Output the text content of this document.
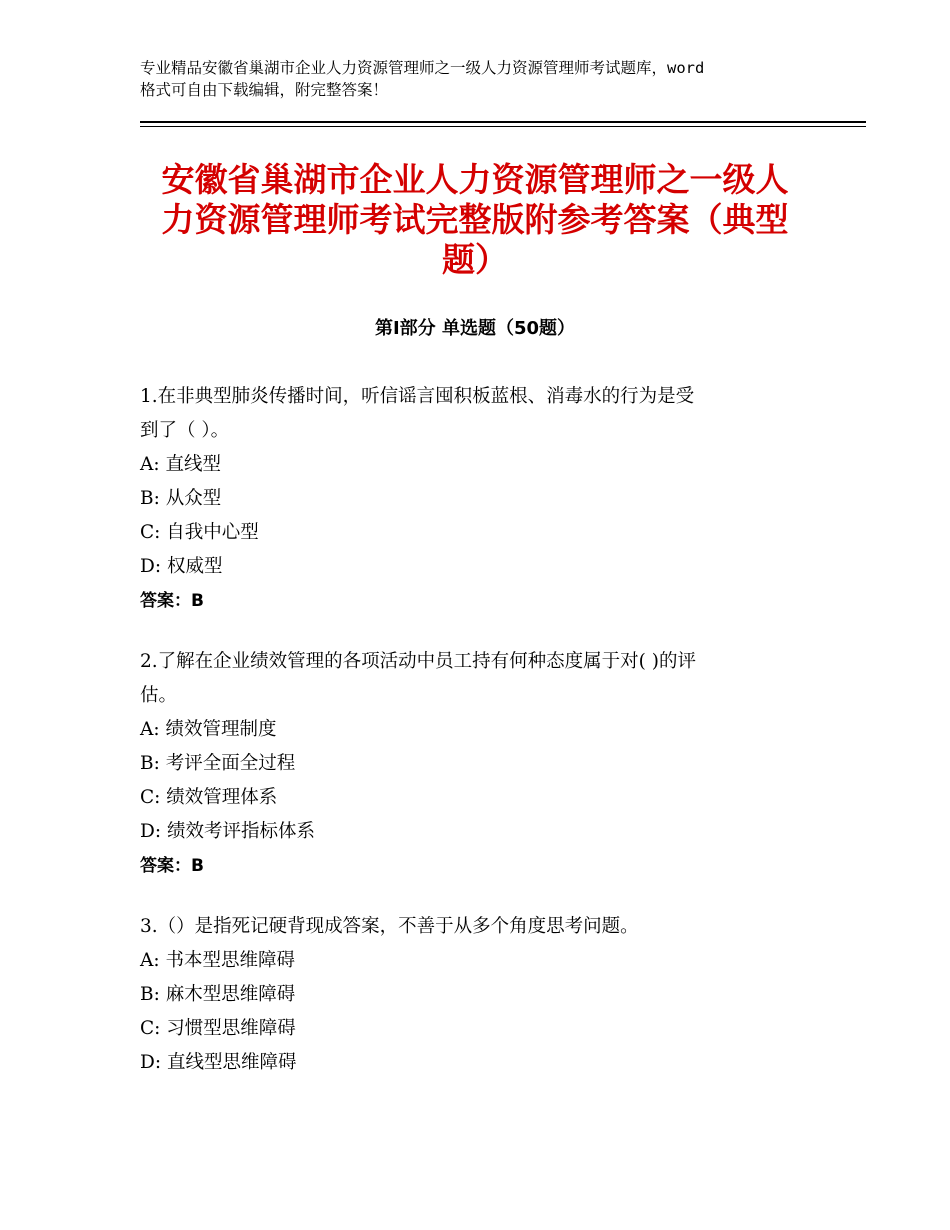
专业精品安徽省巢湖市企业人力资源管理师之一级人力资源管理师考试题库，word
格式可自由下载编辑，附完整答案！
安徽省巢湖市企业人力资源管理师之一级人
力资源管理师考试完整版附参考答案（典型
题）
第Ⅰ部分 单选题（50题）
1.在非典型肺炎传播时间，听信谣言囤积板蓝根、消毒水的行为是受
到了（ ）。
A: 直线型
B: 从众型
C: 自我中心型
D: 权威型
答案：B
2.了解在企业绩效管理的各项活动中员工持有何种态度属于对( )的评
估。
A: 绩效管理制度
B: 考评全面全过程
C: 绩效管理体系
D: 绩效考评指标体系
答案：B
3.（）是指死记硬背现成答案，不善于从多个角度思考问题。
A: 书本型思维障碍
B: 麻木型思维障碍
C: 习惯型思维障碍
D: 直线型思维障碍
